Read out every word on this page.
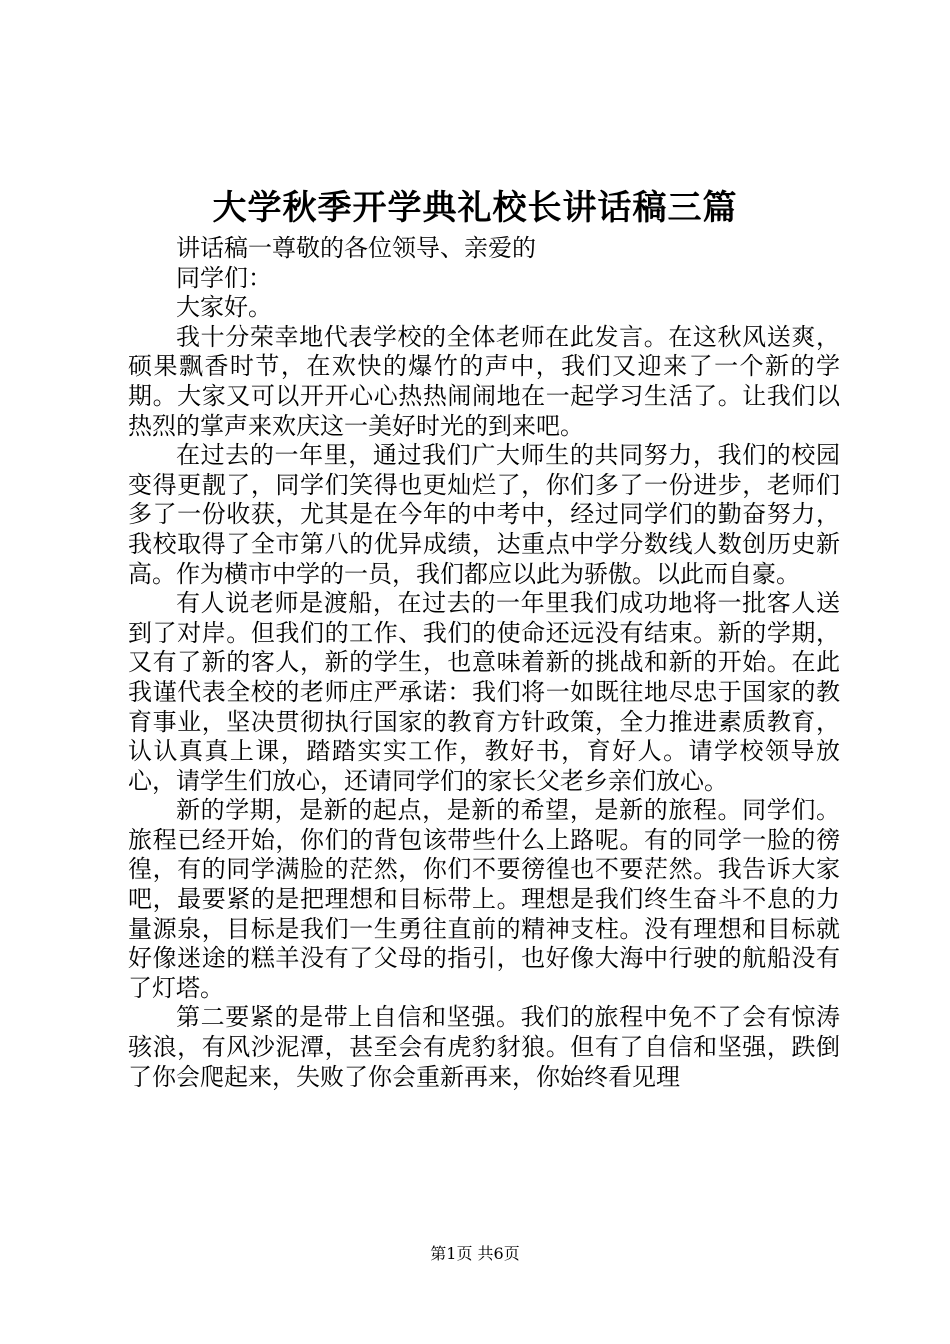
大学秋季开学典礼校长讲话稿三篇

讲话稿一尊敬的各位领导、亲爱的

同学们：

大家好。

我十分荣幸地代表学校的全体老师在此发言。在这秋风送爽，硕果飘香时节，在欢快的爆竹的声中，我们又迎来了一个新的学期。大家又可以开开心心热热闹闹地在一起学习生活了。让我们以热烈的掌声来欢庆这一美好时光的到来吧。

在过去的一年里，通过我们广大师生的共同努力，我们的校园变得更靓了，同学们笑得也更灿烂了，你们多了一份进步，老师们多了一份收获，尤其是在今年的中考中，经过同学们的勤奋努力，我校取得了全市第八的优异成绩，达重点中学分数线人数创历史新高。作为横市中学的一员，我们都应以此为骄傲。以此而自豪。

有人说老师是渡船，在过去的一年里我们成功地将一批客人送到了对岸。但我们的工作、我们的使命还远没有结束。新的学期，又有了新的客人，新的学生，也意味着新的挑战和新的开始。在此我谨代表全校的老师庄严承诺：我们将一如既往地尽忠于国家的教育事业，坚决贯彻执行国家的教育方针政策，全力推进素质教育，认认真真上课，踏踏实实工作，教好书，育好人。请学校领导放心，请学生们放心，还请同学们的家长父老乡亲们放心。

新的学期，是新的起点，是新的希望，是新的旅程。同学们。旅程已经开始，你们的背包该带些什么上路呢。有的同学一脸的徬徨，有的同学满脸的茫然，你们不要徬徨也不要茫然。我告诉大家吧，最要紧的是把理想和目标带上。理想是我们终生奋斗不息的力量源泉，目标是我们一生勇往直前的精神支柱。没有理想和目标就好像迷途的糕羊没有了父母的指引，也好像大海中行驶的航船没有了灯塔。

第二要紧的是带上自信和坚强。我们的旅程中免不了会有惊涛骇浪，有风沙泥潭，甚至会有虎豹豺狼。但有了自信和坚强，跌倒了你会爬起来，失败了你会重新再来，你始终看见理

第1页 共6页
